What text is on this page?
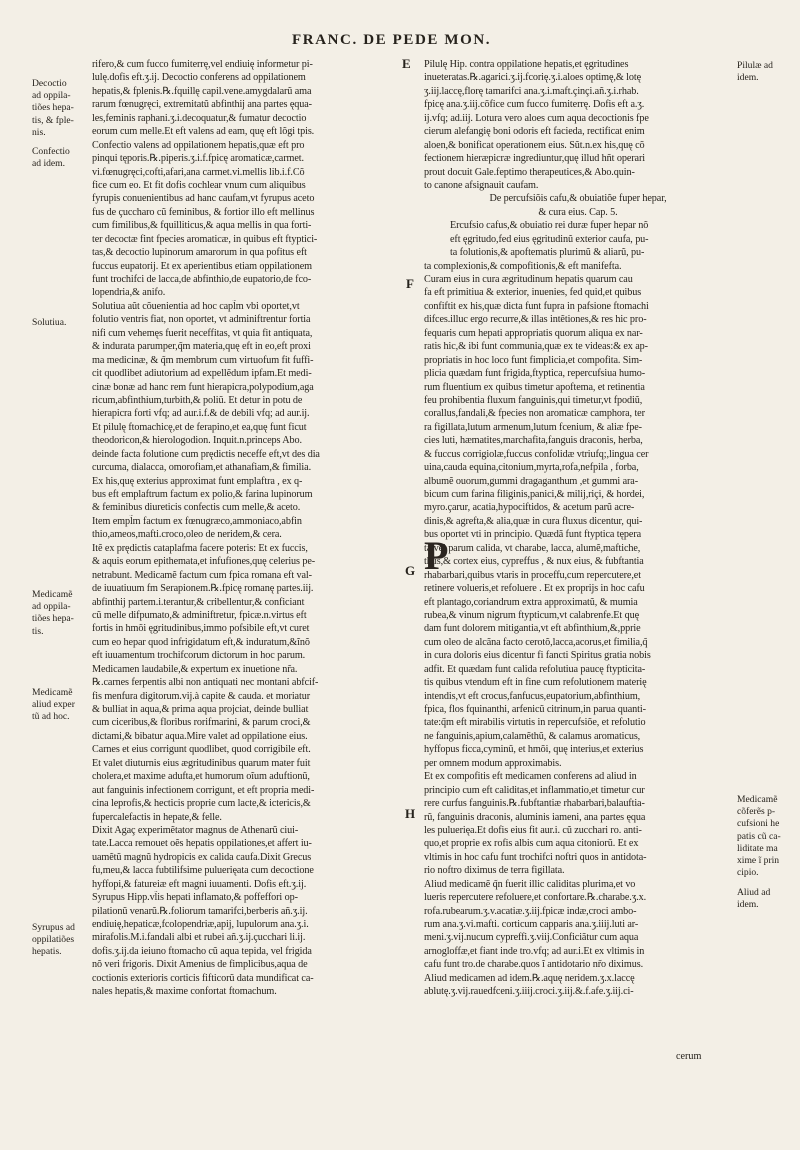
FRANC. DE PEDE MON.
E
F
G
H
rifero,& cum fucco fumiterrę,vel endiuię informetur pi-
lulę.dofis eft.ʒ.ij. Decoctio conferens ad oppilationem
hepatis,& fplenis.℞.fquillę capil.vene.amygdalarũ ama
rarum fœnugręci, extremitatũ abfinthij ana partes ęqua-
les,feminis raphani.ʒ.i.decoquatur,& fumatur decoctio
eorum cum melle.Et eft valens ad eam, quę eft lõgi tpis.
Confectio valens ad oppilationem hepatis,quæ eft pro
pinqui tęporis.℞.piperis.ʒ.i.f.fpicę aromaticæ,carmet.
vi.fœnugręci,cofti,afari,ana carmet.vi.mellis lib.i.f.Cõ
fice cum eo. Et fit dofis cochlear vnum cum aliquibus
fyrupis conuenientibus ad hanc caufam,vt fyrupus aceto
fus de çuccharo cũ feminibus, & fortior illo eft mellinus
cum fimilibus,& fquilliticus,& aqua mellis in qua forti-
ter decoctæ fint fpecies aromaticæ, in quibus eft ftyptici-
tas,& decoctio lupinorum amarorum in qua pofitus eft
fuccus eupatorij. Et ex aperientibus etiam oppilationem
funt trochifci de lacca,de abfinthio,de eupatorio,de fco-
lopendria,& anifo.
Solutiua aũt cõuenientia ad hoc capl̃m vbi oportet,vt
folutio ventris fiat, non oportet, vt adminiftrentur fortia
nifi cum vehemęs fuerit neceffitas, vt quia fit antiquata,
& indurata parumper,q̃m materia,quę eft in eo,eft proxi
ma medicinæ, & q̃m membrum cum virtuofum fit fuffi-
cit quodlibet adiutorium ad expellẽdum ipfam.Et medi-
cinæ bonæ ad hanc rem funt hierapicra,polypodium,aga
ricum,abfinthium,turbith,& poliũ. Et detur in potu de
hierapicra forti vfq; ad aur.i.f.& de debili vfq; ad aur.ij.
Et pilulę ftomachicę,et de ferapino,et ea,quę funt ficut
theodoricon,& hierologodion. Inquit.n.princeps Abo.
deinde facta folutione cum prędictis neceffe eft,vt des dia
curcuma, dialacca, omorofiam,et athanafiam,& fimilia.
Ex his,quę exterius approximat funt emplaftra , ex q-
bus eft emplaftrum factum ex polio,& farina lupinorum
& feminibus diureticis confectis cum melle,& aceto.
Item empl̃m factum ex fœnugræco,ammoniaco,abfin
thio,ameos,mafti.croco,oleo de neridem,& cera.
Itẽ ex prędictis cataplafma facere poteris: Et ex fuccis,
& aquis eorum epithemata,et infufiones,quę celerius pe-
netrabunt. Medicamẽ factum cum fpica romana eft val-
de iuuatiuum fm Serapionem.℞.fpicę romanę partes.iij.
abfinthij partem.i.terantur,& cribellentur,& conficiant
cũ melle difpumato,& adminiftretur, fpicæ.n.virtus eft
fortis in hmõi ęgritudinibus,immo pofsibile eft,vt curet
cum eo hepar quod infrigidatum eft,& induratum,&ĩnõ
eft iuuamentum trochifcorum dictorum in hoc parum.
Medicamen laudabile,& expertum ex inuetione nr̃a.
℞.carnes ferpentis albi non antiquati nec montani abfcif-
fis menfura digitorum.vij.à capite & cauda. et moriatur
& bulliat in aqua,& prima aqua projciat, deinde bulliat
cum ciceribus,& floribus rorifmarini, & parum croci,&
dictami,& bibatur aqua.Mire valet ad oppilatione eius.
Carnes et eius corrigunt quodlibet, quod corrigibile eft.
Et valet diuturnis eius ægritudinibus quarum mater fuit
cholera,et maxime adufta,et humorum oĩum aduftionũ,
aut fanguinis infectionem corrigunt, et eft propria medi-
cina leprofis,& hecticis proprie cum lacte,& ictericis,&
fupercalefactis in hepate,& felle.
Dixit Agaç experimẽtator magnus de Athenarũ ciui-
tate.Lacca remouet oẽs hepatis oppilationes,et affert iu-
uamẽtũ magnũ hydropicis ex calida caufa.Dixit Grecus
fu,meu,& lacca fubtilifsime puluerięata cum decoctione
hyffopi,& fatureiæ eft magni iuuamenti. Dofis eft.ʒ.ij.
Syrupus Hipp.vl̃is hepati inflamato,& poffeffori op-
pilationũ venarũ.℞.foliorum tamarifci,berberis añ.ʒ.ij.
endiuię,hepaticæ,fcolopendriæ,apij, lupulorum ana.ʒ.i.
mirafolis.M.i.fandali albi et rubei añ.ʒ.ij.çucchari li.ij.
dofis.ʒ.ij.da ieiuno ftomacho cũ aqua tepida, vel frigida
nõ veri frigoris. Dixit Amenius de fimplicibus,aqua de
coctionis exterioris corticis fifticorũ data mundificat ca-
nales hepatis,& maxime confortat ftomachum.
Pilulę Hip. contra oppilatione hepatis,et ęgritudines
inueteratas.℞.agarici.ʒ.ij.fcorię.ʒ.i.aloes optimę,& lotę
ʒ.iij.laccę,florę tamarifci ana.ʒ.i.maft.çinçi.añ.ʒ.i.rhab.
fpicę ana.ʒ.iij.cõfice cum fucco fumiterrę. Dofis eft a.ʒ.
ij.vfq; ad.iij. Lotura vero aloes cum aqua decoctionis fpe
cierum alefangię boni odoris eft facieda, rectificat enim
aloen,& bonificat operationem eius. Sũt.n.ex his,quę cõ
fectionem hieræpicræ ingrediuntur,quę illud hñt operari
prout docuit Gale.feptimo therapeutices,& Abo.quin-
to canone afsignauit caufam.
De percufsiõis cafu,& obuiatiõe fuper hepar,
& cura eius. Cap. 5.
Ercufsio cafus,& obuiatio rei duræ fuper hepar nõ
eft ęgritudo,fed eius ęgritudinũ exterior caufa, pu-
ta folutionis,& apoftematis plurimũ & aliarũ, pu-
ta complexionis,& compofitionis,& eft manifefta.
Curam eius in cura ægritudinum hepatis quarum cau
fa eft primitiua & exterior, inuenies, fed quid,et quibus
confiftit ex his,quæ dicta funt fupra in pafsione ftomachi
difces.illuc ergo recurre,& illas intẽtiones,& res hic pro-
fequaris cum hepati appropriatis quorum aliqua ex nar-
ratis hic,& ibi funt communia,quæ ex te videas:& ex ap-
propriatis in hoc loco funt fimplicia,et compofita. Sim-
plicia quædam funt frigida,ftyptica, repercufsiua humo-
rum fluentium ex quibus timetur apoftema, et retinentia
feu prohibentia fluxum fanguinis,qui timetur,vt fpodiũ,
corallus,fandali,& fpecies non aromaticæ camphora, ter
ra figillata,lutum armenum,lutum fcenium, & aliæ fpe-
cies luti, hæmatites,marchafita,fanguis draconis, herba,
& fuccus corrigiolæ,fuccus confolidæ vtriufq;,lingua cer
uina,cauda equina,citonium,myrta,rofa,nefpila , forba,
albumẽ ouorum,gummi dragaganthum ,et gummi ara-
bicum cum farina filiginis,panici,& milij,riçi, & hordei,
myro.çarur, acatia,hypociftidos, & acetum parũ acre-
dinis,& agrefta,& alia,quæ in cura fluxus dicentur, qui-
bus oportet vti in principio. Quædã funt ftyptica tępera
ta,vel parum calida, vt charabe, lacca, alumẽ,maftiche,
thus,& cortex eius, cypreffus , & nux eius, & fubftantia
rhabarbari,quibus vtaris in proceffu,cum repercutere,et
retinere volueris,et refoluere . Et ex proprijs in hoc cafu
eft plantago,coriandrum extra approximatũ, & mumia
rubea,& vinum nigrum ftypticum,vt calabrenfe.Et quę
dam funt dolorem mitigantia,vt eft abfinthium,&,pprie
cum oleo de alcãna facto cerotõ,lacca,acorus,et fimilia,q̃
in cura doloris eius dicentur fi fancti Spiritus gratia nobis
adfit. Et quædam funt calida refolutiua paucę ftypticita-
tis quibus vtendum eft in fine cum refolutionem materię
intendis,vt eft crocus,fanfucus,eupatorium,abfinthium,
fpica, flos fquinanthi, arfenicũ citrinum,in parua quanti-
tate:q̃m eft mirabilis virtutis in repercufsiõe, et refolutio
ne fanguinis,apium,calamẽthũ, & calamus aromaticus,
hyffopus ficca,cyminũ, et hmõi, quę interius,et exterius
per omnem modum approximabis.
Et ex compofitis eft medicamen conferens ad aliud in
principio cum eft caliditas,et inflammatio,et timetur cur
rere curfus fanguinis.℞.fubftantiæ rhabarbari,balauftia-
rũ, fanguinis draconis, aluminis iameni, ana partes ęqua
les puluerięa.Et dofis eius fit aur.i. cũ zucchari ro. anti-
quo,et proprie ex rofis albis cum aqua citoniorũ. Et ex
vltimis in hoc cafu funt trochifci noftri quos in antidota-
rio noftro diximus de terra figillata.
Aliud medicamẽ q̃n fuerit illic caliditas plurima,et vo
lueris repercutere refoluere,et confortare.℞.charabe.ʒ.x.
rofa.rubearum.ʒ.v.acatiæ.ʒ.iij.fpicæ indæ,croci ambo-
rum ana.ʒ.vi.mafti. corticum capparis ana.ʒ.iiij.luti ar-
meni.ʒ.vij.nucum cypreffi.ʒ.viij.Conficiãtur cum aqua
arnogloffæ,et fiant inde tro.vfq; ad aur.i.Et ex vltimis in
cafu funt tro.de charabe.quos ĩ antidotario nr̃o diximus.
Aliud medicamen ad idem.℞.aquę neridem.ʒ.x.laccę
ablutę.ʒ.vij.rauedfceni.ʒ.iiij.croci.ʒ.iij.&.f.afe.ʒ.iij.ci-
P
Decoctio
ad oppila-
tiões hepa-
tis, & fple-
nis.
Confectio
ad idem.
Solutiua.
Medicamẽ
ad oppila-
tiões hepa-
tis.
Medicamẽ
aliud exper
tũ ad hoc.
Syrupus ad
oppilatiões
hepatis.
Pilulæ ad
idem.
Medicamẽ
cõferẽs p-
cufsioni he
patis cũ ca-
liditate ma
xime ĩ prin
cipio.
Aliud ad
idem.
cerum
